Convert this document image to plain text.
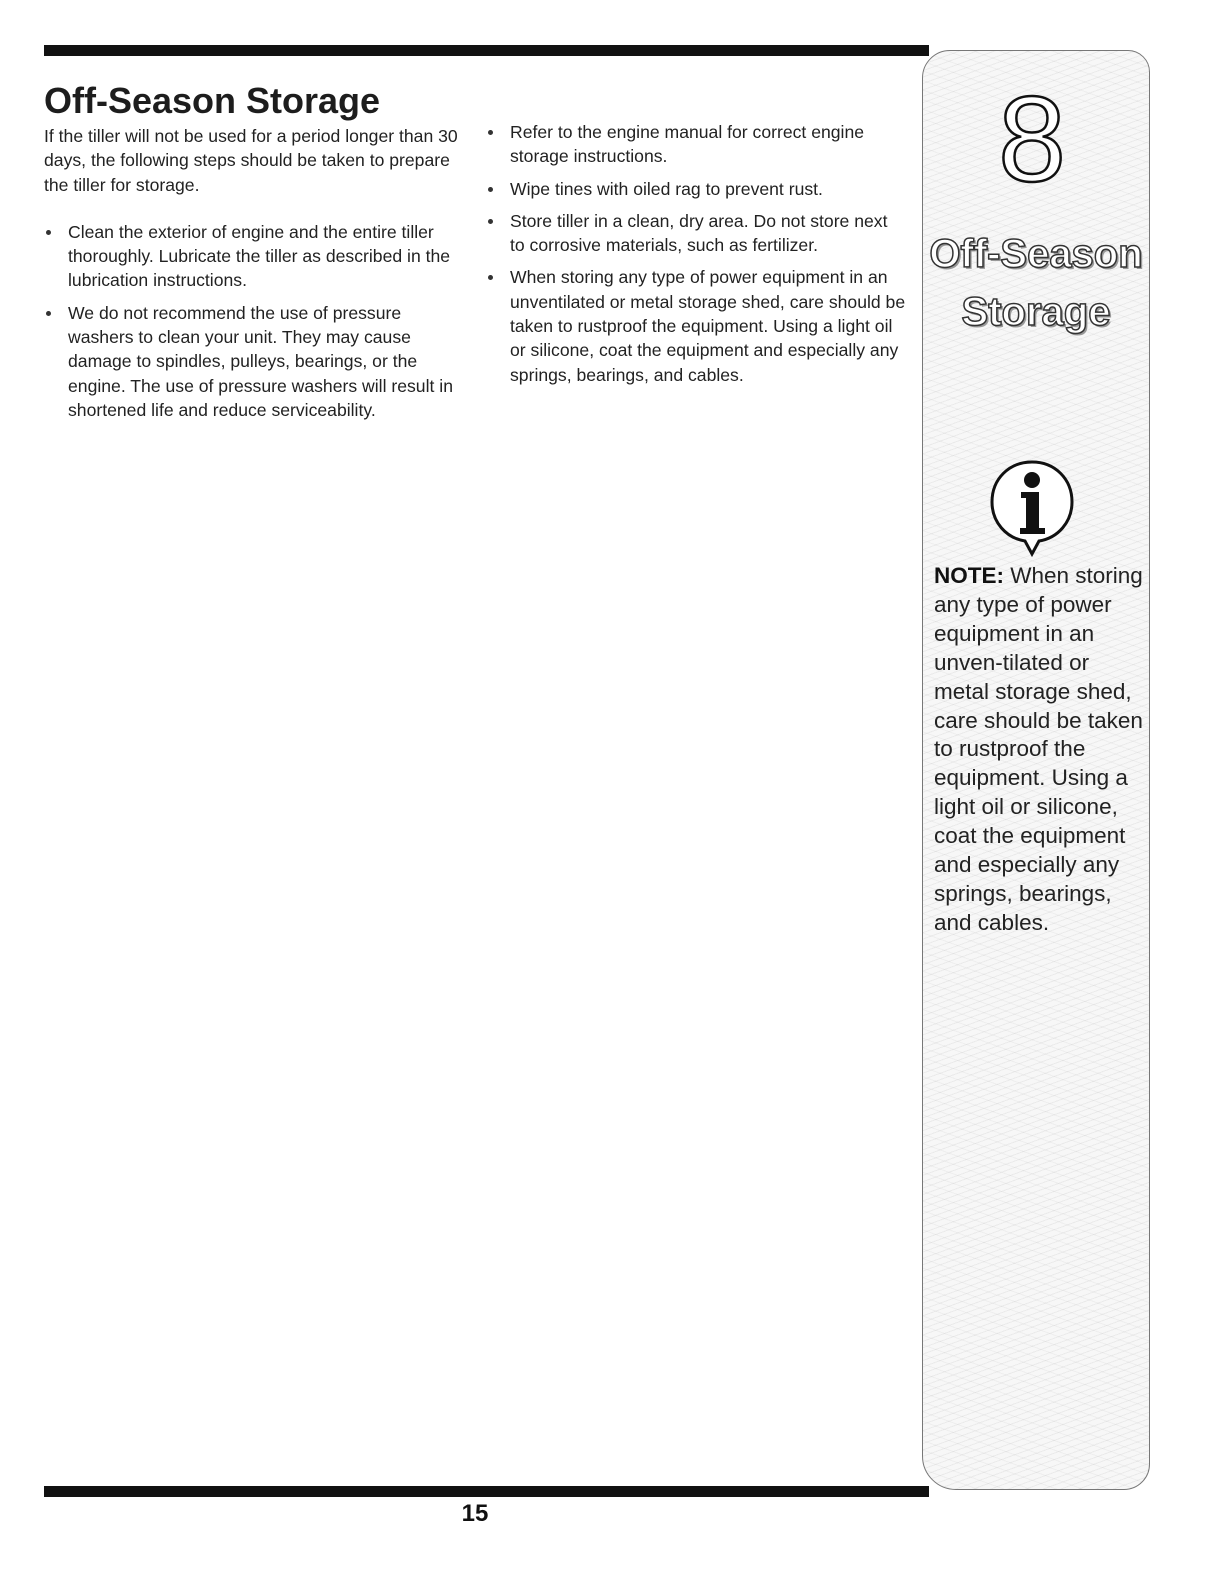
Off-Season Storage

If the tiller will not be used for a period longer than 30 days, the following steps should be taken to prepare the tiller for storage.

Clean the exterior of engine and the entire tiller thoroughly. Lubricate the tiller as described in the lubrication instructions.
We do not recommend the use of pressure washers to clean your unit. They may cause damage to spindles, pulleys, bearings, or the engine. The use of pressure washers will result in shortened life and reduce serviceability.
Refer to the engine manual for correct engine storage instructions.
Wipe tines with oiled rag to prevent rust.
Store tiller in a clean, dry area. Do not store next to corrosive materials, such as fertilizer.
When storing any type of power equipment in an unventilated or metal storage shed, care should be taken to rustproof the equipment. Using a light oil or silicone, coat the equipment and especially any springs, bearings, and cables.
8
Off-Season
Storage
NOTE: When storing any type of power equipment in an unven-tilated or metal storage shed, care should be taken to rustproof the equipment. Using a light oil or silicone, coat the equipment and especially any springs, bearings, and cables.
15
